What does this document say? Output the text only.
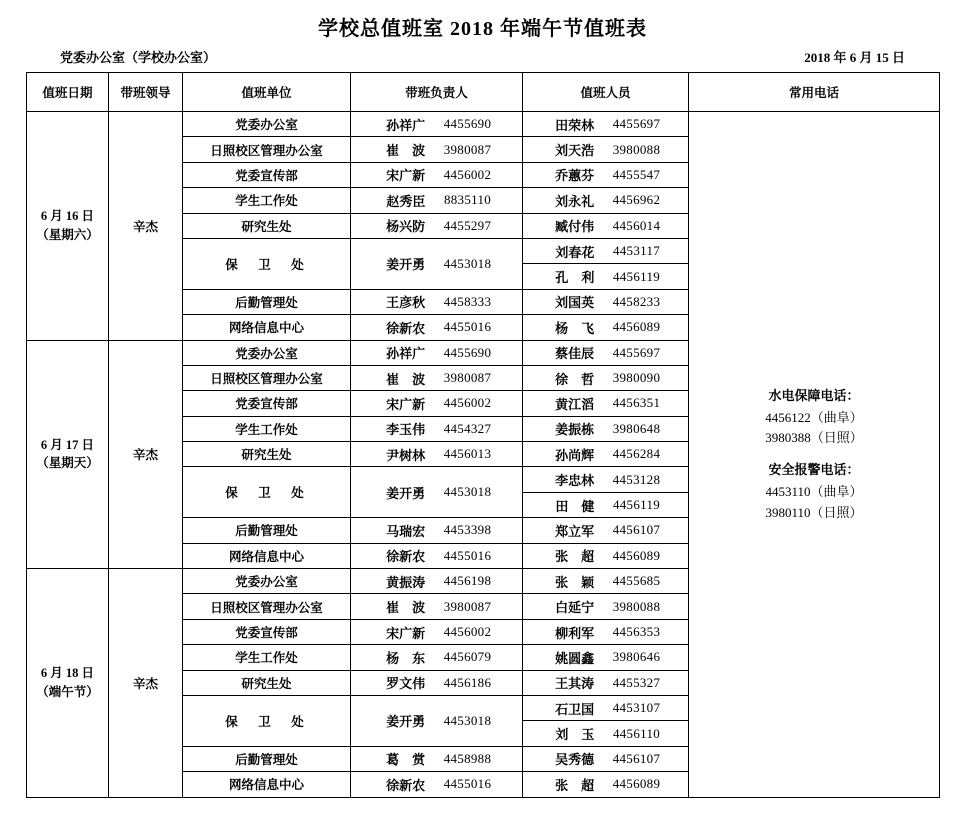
学校总值班室 2018 年端午节值班表
党委办公室（学校办公室）	2018 年 6 月 15 日
值班日期	带班领导	值班单位	带班负责人	值班人员	常用电话

6 月 16 日
（星期六）
	辛杰	党委办公室	孙祥广	4455690	田荣林	4455697

水电保障电话：
4456122（曲阜）
3980388（日照）
安全报警电话：
4453110（曲阜）
3980110（日照）

		日照校区管理办公室	崔　波 3980087	刘天浩 3980088	

		党委宣传部	宋广新 4456002	乔蕙芬 4455547	

		学生工作处	赵秀臣 8835110	刘永礼 4456962	

		研究生处	杨兴防 4455297	臧付伟 4456014	

		保　卫　处	姜开勇 4453018	刘春花 4453117	

				孔　利 4456119	

		后勤管理处	王彦秋 4458333	刘国英 4458233	

		网络信息中心	徐新农 4455016	杨　飞 4456089	

6 月 17 日
（星期天）
	辛杰	党委办公室	孙祥广	4455690	蔡佳辰	4455697

		日照校区管理办公室	崔　波 3980087	徐　哲 3980090	

		党委宣传部	宋广新 4456002	黄江滔 4456351	

		学生工作处	李玉伟 4454327	姜振栋 3980648	

		研究生处	尹树林 4456013	孙尚辉 4456284	

		保　卫　处	姜开勇 4453018	李忠林 4453128	

				田　健 4456119	

		后勤管理处	马瑞宏 4453398	郑立军 4456107	

		网络信息中心	徐新农 4455016	张　超 4456089	

6 月 18 日
（端午节）
	辛杰	党委办公室	黄振涛	4456198	张　颖	4455685

		日照校区管理办公室	崔　波 3980087	白延宁 3980088	

		党委宣传部	宋广新 4456002	柳利军 4456353	

		学生工作处	杨　东 4456079	姚圆鑫 3980646	

		研究生处	罗文伟 4456186	王其涛 4455327	

		保　卫　处	姜开勇 4453018	石卫国 4453107	

				刘　玉 4456110	

		后勤管理处	葛　赏 4458988	吴秀德 4456107	

		网络信息中心	徐新农 4455016	张　超 4456089	
